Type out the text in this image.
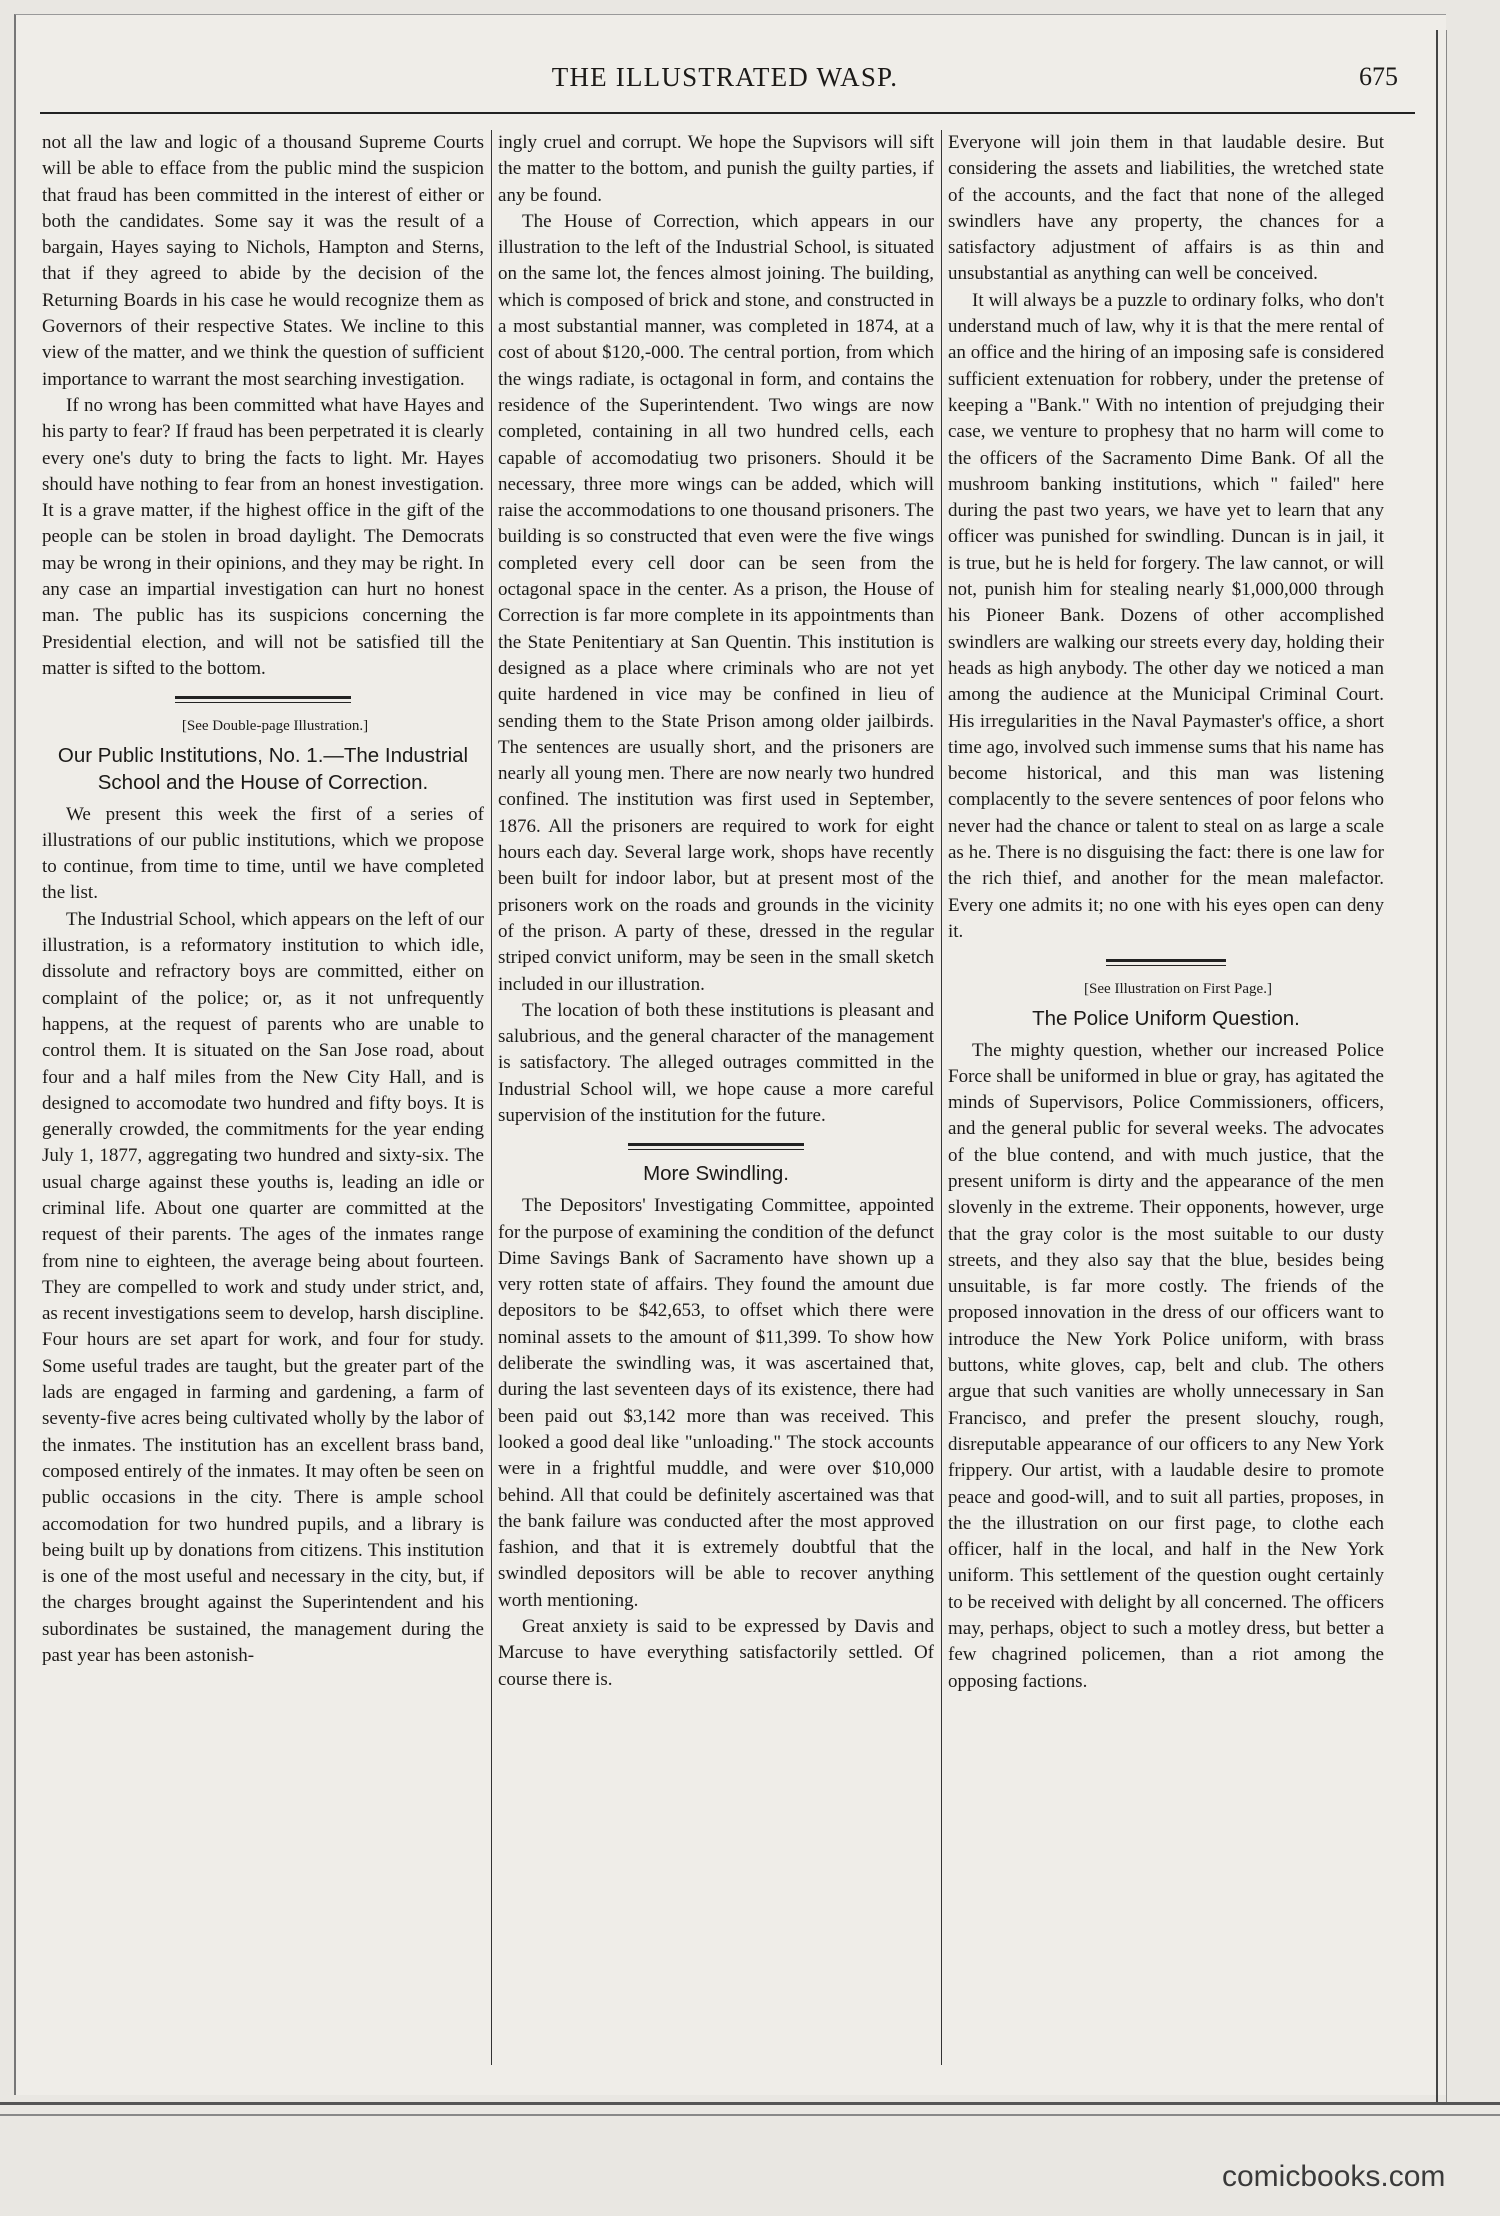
THE ILLUSTRATED WASP.	675

not all the law and logic of a thousand Supreme Courts will be able to efface from the public mind the suspicion that fraud has been committed in the interest of either or both the candidates. Some say it was the result of a bargain, Hayes saying to Nichols, Hampton and Sterns, that if they agreed to abide by the decision of the Returning Boards in his case he would recognize them as Governors of their respective States. We incline to this view of the matter, and we think the question of sufficient importance to warrant the most searching investigation.

If no wrong has been committed what have Hayes and his party to fear? If fraud has been perpetrated it is clearly every one's duty to bring the facts to light. Mr. Hayes should have nothing to fear from an honest investigation. It is a grave matter, if the highest office in the gift of the people can be stolen in broad daylight. The Democrats may be wrong in their opinions, and they may be right. In any case an impartial investigation can hurt no honest man. The public has its suspicions concerning the Presidential election, and will not be satisfied till the matter is sifted to the bottom.

[See Double-page Illustration.]

Our Public Institutions, No. 1.—The Industrial School and the House of Correction.

We present this week the first of a series of illustrations of our public institutions, which we propose to continue, from time to time, until we have completed the list.

The Industrial School, which appears on the left of our illustration, is a reformatory institution to which idle, dissolute and refractory boys are committed, either on complaint of the police; or, as it not unfrequently happens, at the request of parents who are unable to control them. It is situated on the San Jose road, about four and a half miles from the New City Hall, and is designed to accomodate two hundred and fifty boys. It is generally crowded, the commitments for the year ending July 1, 1877, aggregating two hundred and sixty-six. The usual charge against these youths is, leading an idle or criminal life. About one quarter are committed at the request of their parents. The ages of the inmates range from nine to eighteen, the average being about fourteen. They are compelled to work and study under strict, and, as recent investigations seem to develop, harsh discipline. Four hours are set apart for work, and four for study. Some useful trades are taught, but the greater part of the lads are engaged in farming and gardening, a farm of seventy-five acres being cultivated wholly by the labor of the inmates. The institution has an excellent brass band, composed entirely of the inmates. It may often be seen on public occasions in the city. There is ample school accomodation for two hundred pupils, and a library is being built up by donations from citizens. This institution is one of the most useful and necessary in the city, but, if the charges brought against the Superintendent and his subordinates be sustained, the management during the past year has been astonish-

ingly cruel and corrupt. We hope the Supvisors will sift the matter to the bottom, and punish the guilty parties, if any be found.

The House of Correction, which appears in our illustration to the left of the Industrial School, is situated on the same lot, the fences almost joining. The building, which is composed of brick and stone, and constructed in a most substantial manner, was completed in 1874, at a cost of about $120,-000. The central portion, from which the wings radiate, is octagonal in form, and contains the residence of the Superintendent. Two wings are now completed, containing in all two hundred cells, each capable of accomodatiug two prisoners. Should it be necessary, three more wings can be added, which will raise the accommodations to one thousand prisoners. The building is so constructed that even were the five wings completed every cell door can be seen from the octagonal space in the center. As a prison, the House of Correction is far more complete in its appointments than the State Penitentiary at San Quentin. This institution is designed as a place where criminals who are not yet quite hardened in vice may be confined in lieu of sending them to the State Prison among older jailbirds. The sentences are usually short, and the prisoners are nearly all young men. There are now nearly two hundred confined. The institution was first used in September, 1876. All the prisoners are required to work for eight hours each day. Several large work, shops have recently been built for indoor labor, but at present most of the prisoners work on the roads and grounds in the vicinity of the prison. A party of these, dressed in the regular striped convict uniform, may be seen in the small sketch included in our illustration.

The location of both these institutions is pleasant and salubrious, and the general character of the management is satisfactory. The alleged outrages committed in the Industrial School will, we hope cause a more careful supervision of the institution for the future.

More Swindling.

The Depositors' Investigating Committee, appointed for the purpose of examining the condition of the defunct Dime Savings Bank of Sacramento have shown up a very rotten state of affairs. They found the amount due depositors to be $42,653, to offset which there were nominal assets to the amount of $11,399. To show how deliberate the swindling was, it was ascertained that, during the last seventeen days of its existence, there had been paid out $3,142 more than was received. This looked a good deal like "unloading." The stock accounts were in a frightful muddle, and were over $10,000 behind. All that could be definitely ascertained was that the bank failure was conducted after the most approved fashion, and that it is extremely doubtful that the swindled depositors will be able to recover anything worth mentioning.

Great anxiety is said to be expressed by Davis and Marcuse to have everything satisfactorily settled. Of course there is.

Everyone will join them in that laudable desire. But considering the assets and liabilities, the wretched state of the accounts, and the fact that none of the alleged swindlers have any property, the chances for a satisfactory adjustment of affairs is as thin and unsubstantial as anything can well be conceived.

It will always be a puzzle to ordinary folks, who don't understand much of law, why it is that the mere rental of an office and the hiring of an imposing safe is considered sufficient extenuation for robbery, under the pretense of keeping a "Bank." With no intention of prejudging their case, we venture to prophesy that no harm will come to the officers of the Sacramento Dime Bank. Of all the mushroom banking institutions, which " failed" here during the past two years, we have yet to learn that any officer was punished for swindling. Duncan is in jail, it is true, but he is held for forgery. The law cannot, or will not, punish him for stealing nearly $1,000,000 through his Pioneer Bank. Dozens of other accomplished swindlers are walking our streets every day, holding their heads as high anybody. The other day we noticed a man among the audience at the Municipal Criminal Court. His irregularities in the Naval Paymaster's office, a short time ago, involved such immense sums that his name has become historical, and this man was listening complacently to the severe sentences of poor felons who never had the chance or talent to steal on as large a scale as he. There is no disguising the fact: there is one law for the rich thief, and another for the mean malefactor. Every one admits it; no one with his eyes open can deny it.

[See Illustration on First Page.]

The Police Uniform Question.

The mighty question, whether our increased Police Force shall be uniformed in blue or gray, has agitated the minds of Supervisors, Police Commissioners, officers, and the general public for several weeks. The advocates of the blue contend, and with much justice, that the present uniform is dirty and the appearance of the men slovenly in the extreme. Their opponents, however, urge that the gray color is the most suitable to our dusty streets, and they also say that the blue, besides being unsuitable, is far more costly. The friends of the proposed innovation in the dress of our officers want to introduce the New York Police uniform, with brass buttons, white gloves, cap, belt and club. The others argue that such vanities are wholly unnecessary in San Francisco, and prefer the present slouchy, rough, disreputable appearance of our officers to any New York frippery. Our artist, with a laudable desire to promote peace and good-will, and to suit all parties, proposes, in the the illustration on our first page, to clothe each officer, half in the local, and half in the New York uniform. This settlement of the question ought certainly to be received with delight by all concerned. The officers may, perhaps, object to such a motley dress, but better a few chagrined policemen, than a riot among the opposing factions.

comicbooks.com
